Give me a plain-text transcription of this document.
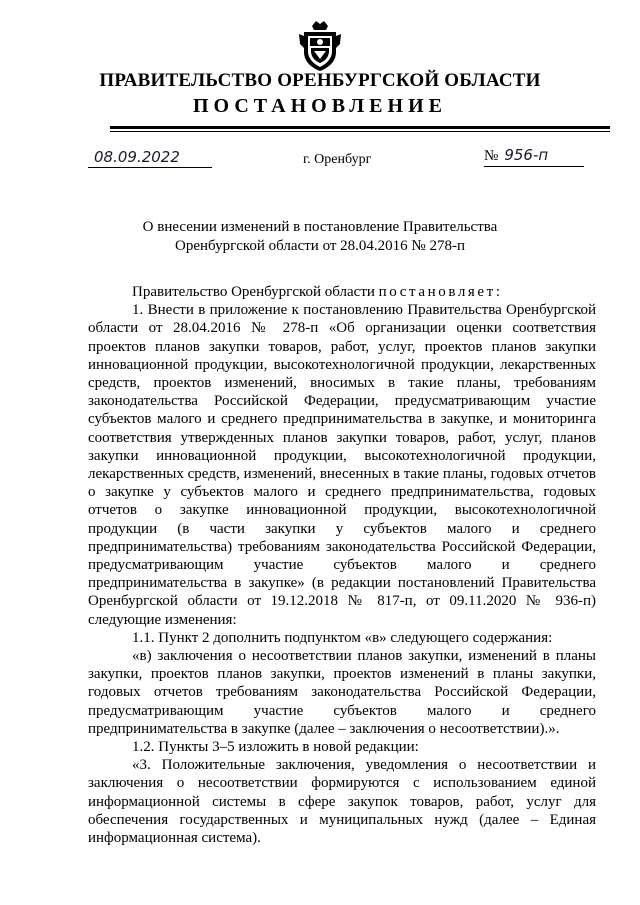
ПРАВИТЕЛЬСТВО ОРЕНБУРГСКОЙ ОБЛАСТИ
ПОСТАНОВЛЕНИЕ
08.09.2022	г. Оренбург	№ 956-п
О внесении изменений в постановление Правительства
Оренбургской области от 28.04.2016 № 278-п

Правительство Оренбургской области постановляет:

1. Внести в приложение к постановлению Правительства Оренбургской области от 28.04.2016 № 278-п «Об организации оценки соответствия проектов планов закупки товаров, работ, услуг, проектов планов закупки инновационной продукции, высокотехнологичной продукции, лекарственных средств, проектов изменений, вносимых в такие планы, требованиям законодательства Российской Федерации, предусматривающим участие субъектов малого и среднего предпринимательства в закупке, и мониторинга соответствия утвержденных планов закупки товаров, работ, услуг, планов закупки инновационной продукции, высокотехнологичной продукции, лекарственных средств, изменений, внесенных в такие планы, годовых отчетов о закупке у субъектов малого и среднего предпринимательства, годовых отчетов о закупке инновационной продукции, высокотехнологичной продукции (в части закупки у субъектов малого и среднего предпринимательства) требованиям законодательства Российской Федерации, предусматривающим участие субъектов малого и среднего предпринимательства в закупке» (в редакции постановлений Правительства Оренбургской области от 19.12.2018 № 817-п, от 09.11.2020 № 936-п) следующие изменения:

1.1. Пункт 2 дополнить подпунктом «в» следующего содержания:

«в) заключения о несоответствии планов закупки, изменений в планы закупки, проектов планов закупки, проектов изменений в планы закупки, годовых отчетов требованиям законодательства Российской Федерации, предусматривающим участие субъектов малого и среднего предпринимательства в закупке (далее – заключения о несоответствии).».

1.2. Пункты 3–5 изложить в новой редакции:

«3. Положительные заключения, уведомления о несоответствии и заключения о несоответствии формируются с использованием единой информационной системы в сфере закупок товаров, работ, услуг для обеспечения государственных и муниципальных нужд (далее – Единая информационная система).
